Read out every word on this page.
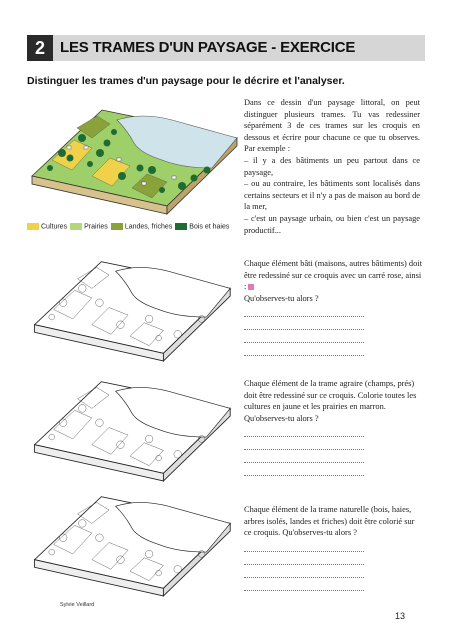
2	LES TRAMES D'UN PAYSAGE - EXERCICE
Distinguer les trames d'un paysage pour le décrire et l'analyser.
Cultures	Prairies	Landes, friches	Bois et haies

Dans ce dessin d'un paysage littoral, on peut distinguer plusieurs trames. Tu vas redessiner séparément 3 de ces trames sur les croquis en dessous et écrire pour chacune ce que tu observes. Par exemple :

– il y a des bâtiments un peu partout dans ce paysage,

– ou au contraire, les bâtiments sont localisés dans certains secteurs et il n'y a pas de maison au bord de la mer,

– c'est un paysage urbain, ou bien c'est un paysage productif...

Chaque élément bâti (maisons, autres bâtiments) doit être redessiné sur ce croquis avec un carré rose, ainsi :

Qu'observes-tu alors ?

Chaque élément de la trame agraire (champs, prés) doit être redessiné sur ce croquis. Colorie toutes les cultures en jaune et les prairies en marron. Qu'observes-tu alors ?

Chaque élément de la trame naturelle (bois, haies, arbres isolés, landes et friches) doit être colorié sur ce croquis. Qu'observes-tu alors ?

Sylvie Veillard
13
